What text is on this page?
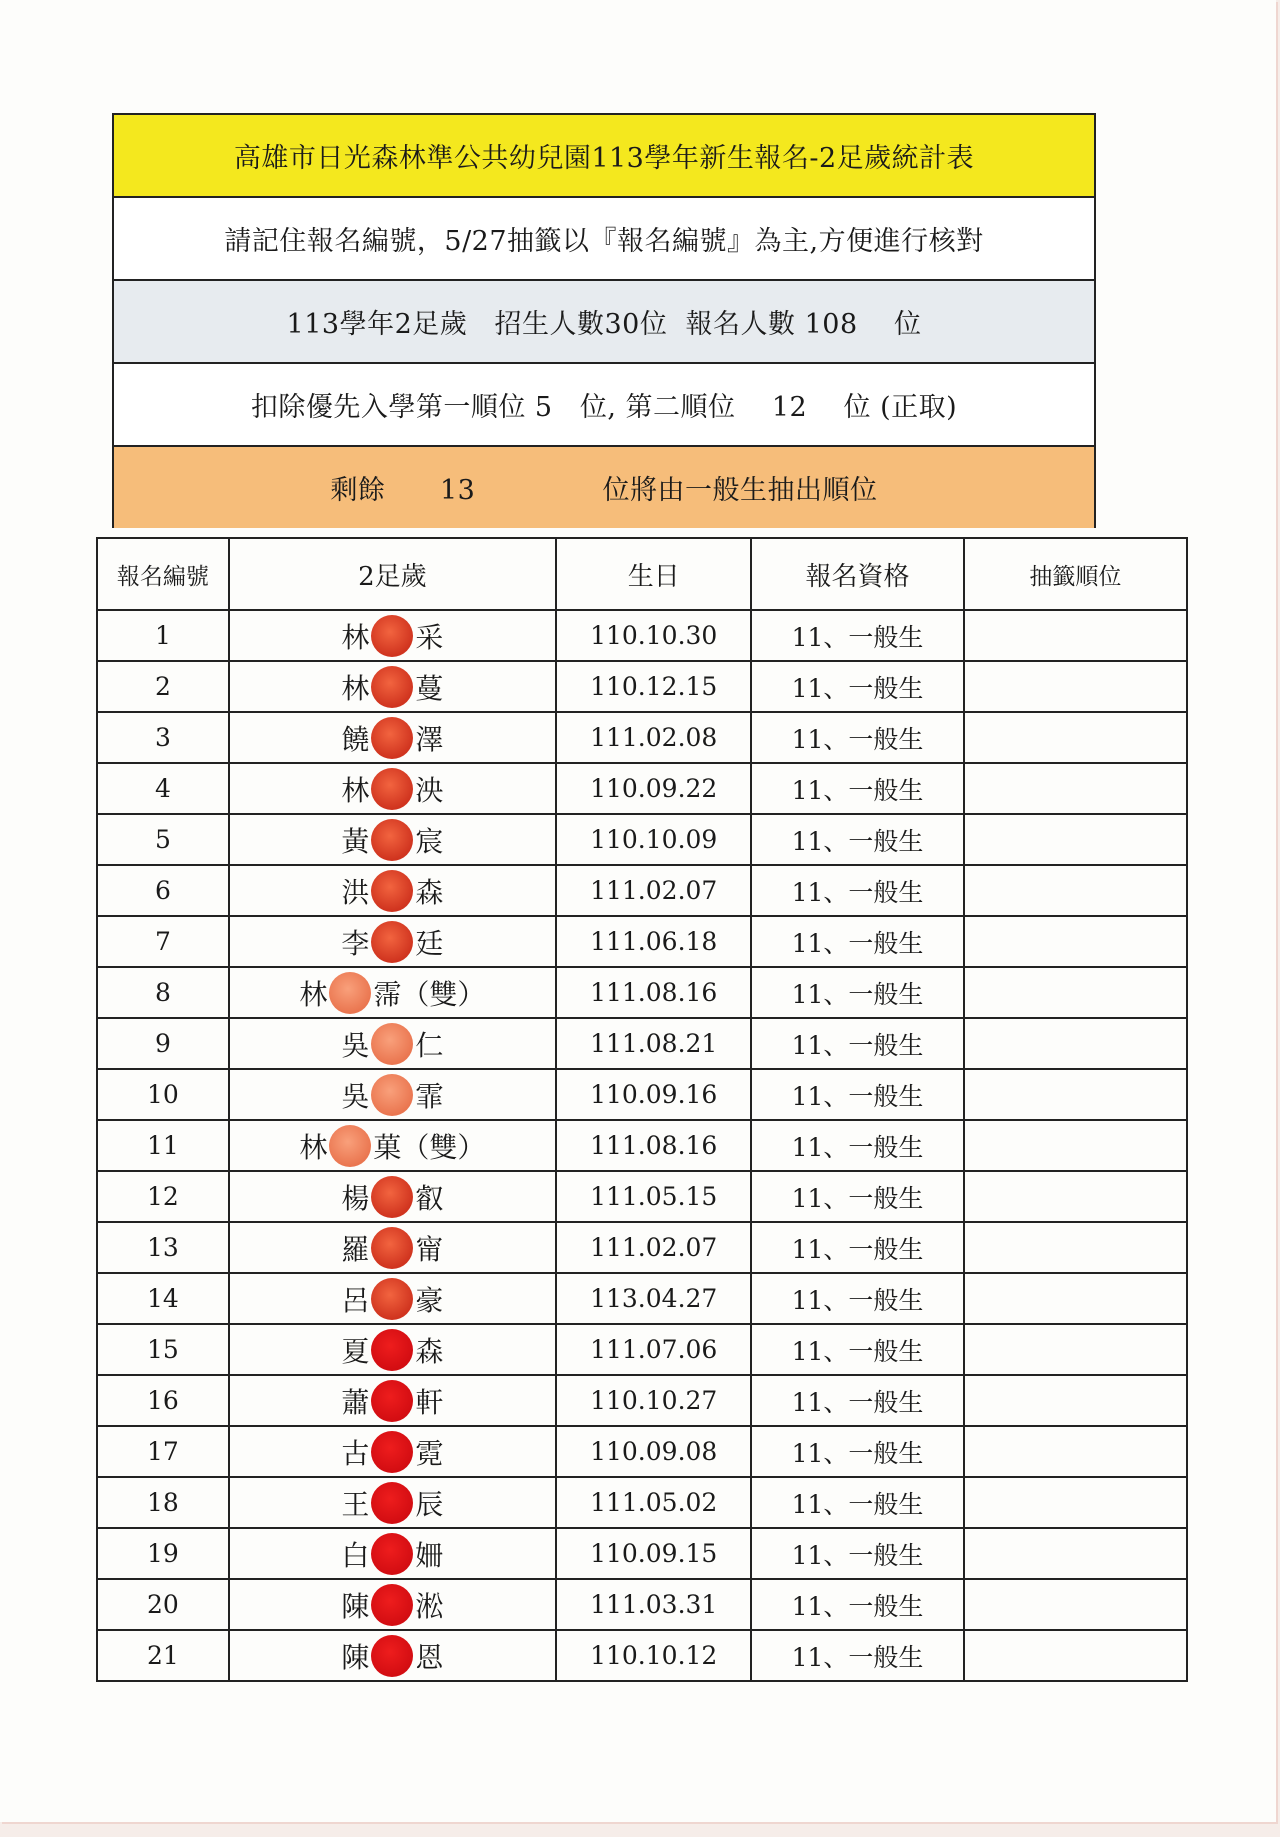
高雄市日光森林準公共幼兒園113學年新生報名-2足歲統計表
請記住報名編號，5/27抽籤以『報名編號』為主,方便進行核對
113學年2足歲   招生人數30位  報名人數 108    位
扣除優先入學第一順位 5   位, 第二順位    12    位 (正取)
剩餘      13              位將由一般生抽出順位
報名編號	2足歲	生日	報名資格	抽籤順位
1	林 采	110.10.30	11、一般生	
2	林 蔓	110.12.15	11、一般生	
3	饒 澤	111.02.08	11、一般生	
4	林 泱	110.09.22	11、一般生	
5	黃 宸	110.10.09	11、一般生	
6	洪 森	111.02.07	11、一般生	
7	李 廷	111.06.18	11、一般生	
8	林 霈（雙）	111.08.16	11、一般生	
9	吳 仁	111.08.21	11、一般生	
10	吳 霏	110.09.16	11、一般生	
11	林 菓（雙）	111.08.16	11、一般生	
12	楊 叡	111.05.15	11、一般生	
13	羅 甯	111.02.07	11、一般生	
14	呂 豪	113.04.27	11、一般生	
15	夏 森	111.07.06	11、一般生	
16	蕭 軒	110.10.27	11、一般生	
17	古 霓	110.09.08	11、一般生	
18	王 辰	111.05.02	11、一般生	
19	白 姍	110.09.15	11、一般生	
20	陳 淞	111.03.31	11、一般生	
21	陳 恩	110.10.12	11、一般生	
